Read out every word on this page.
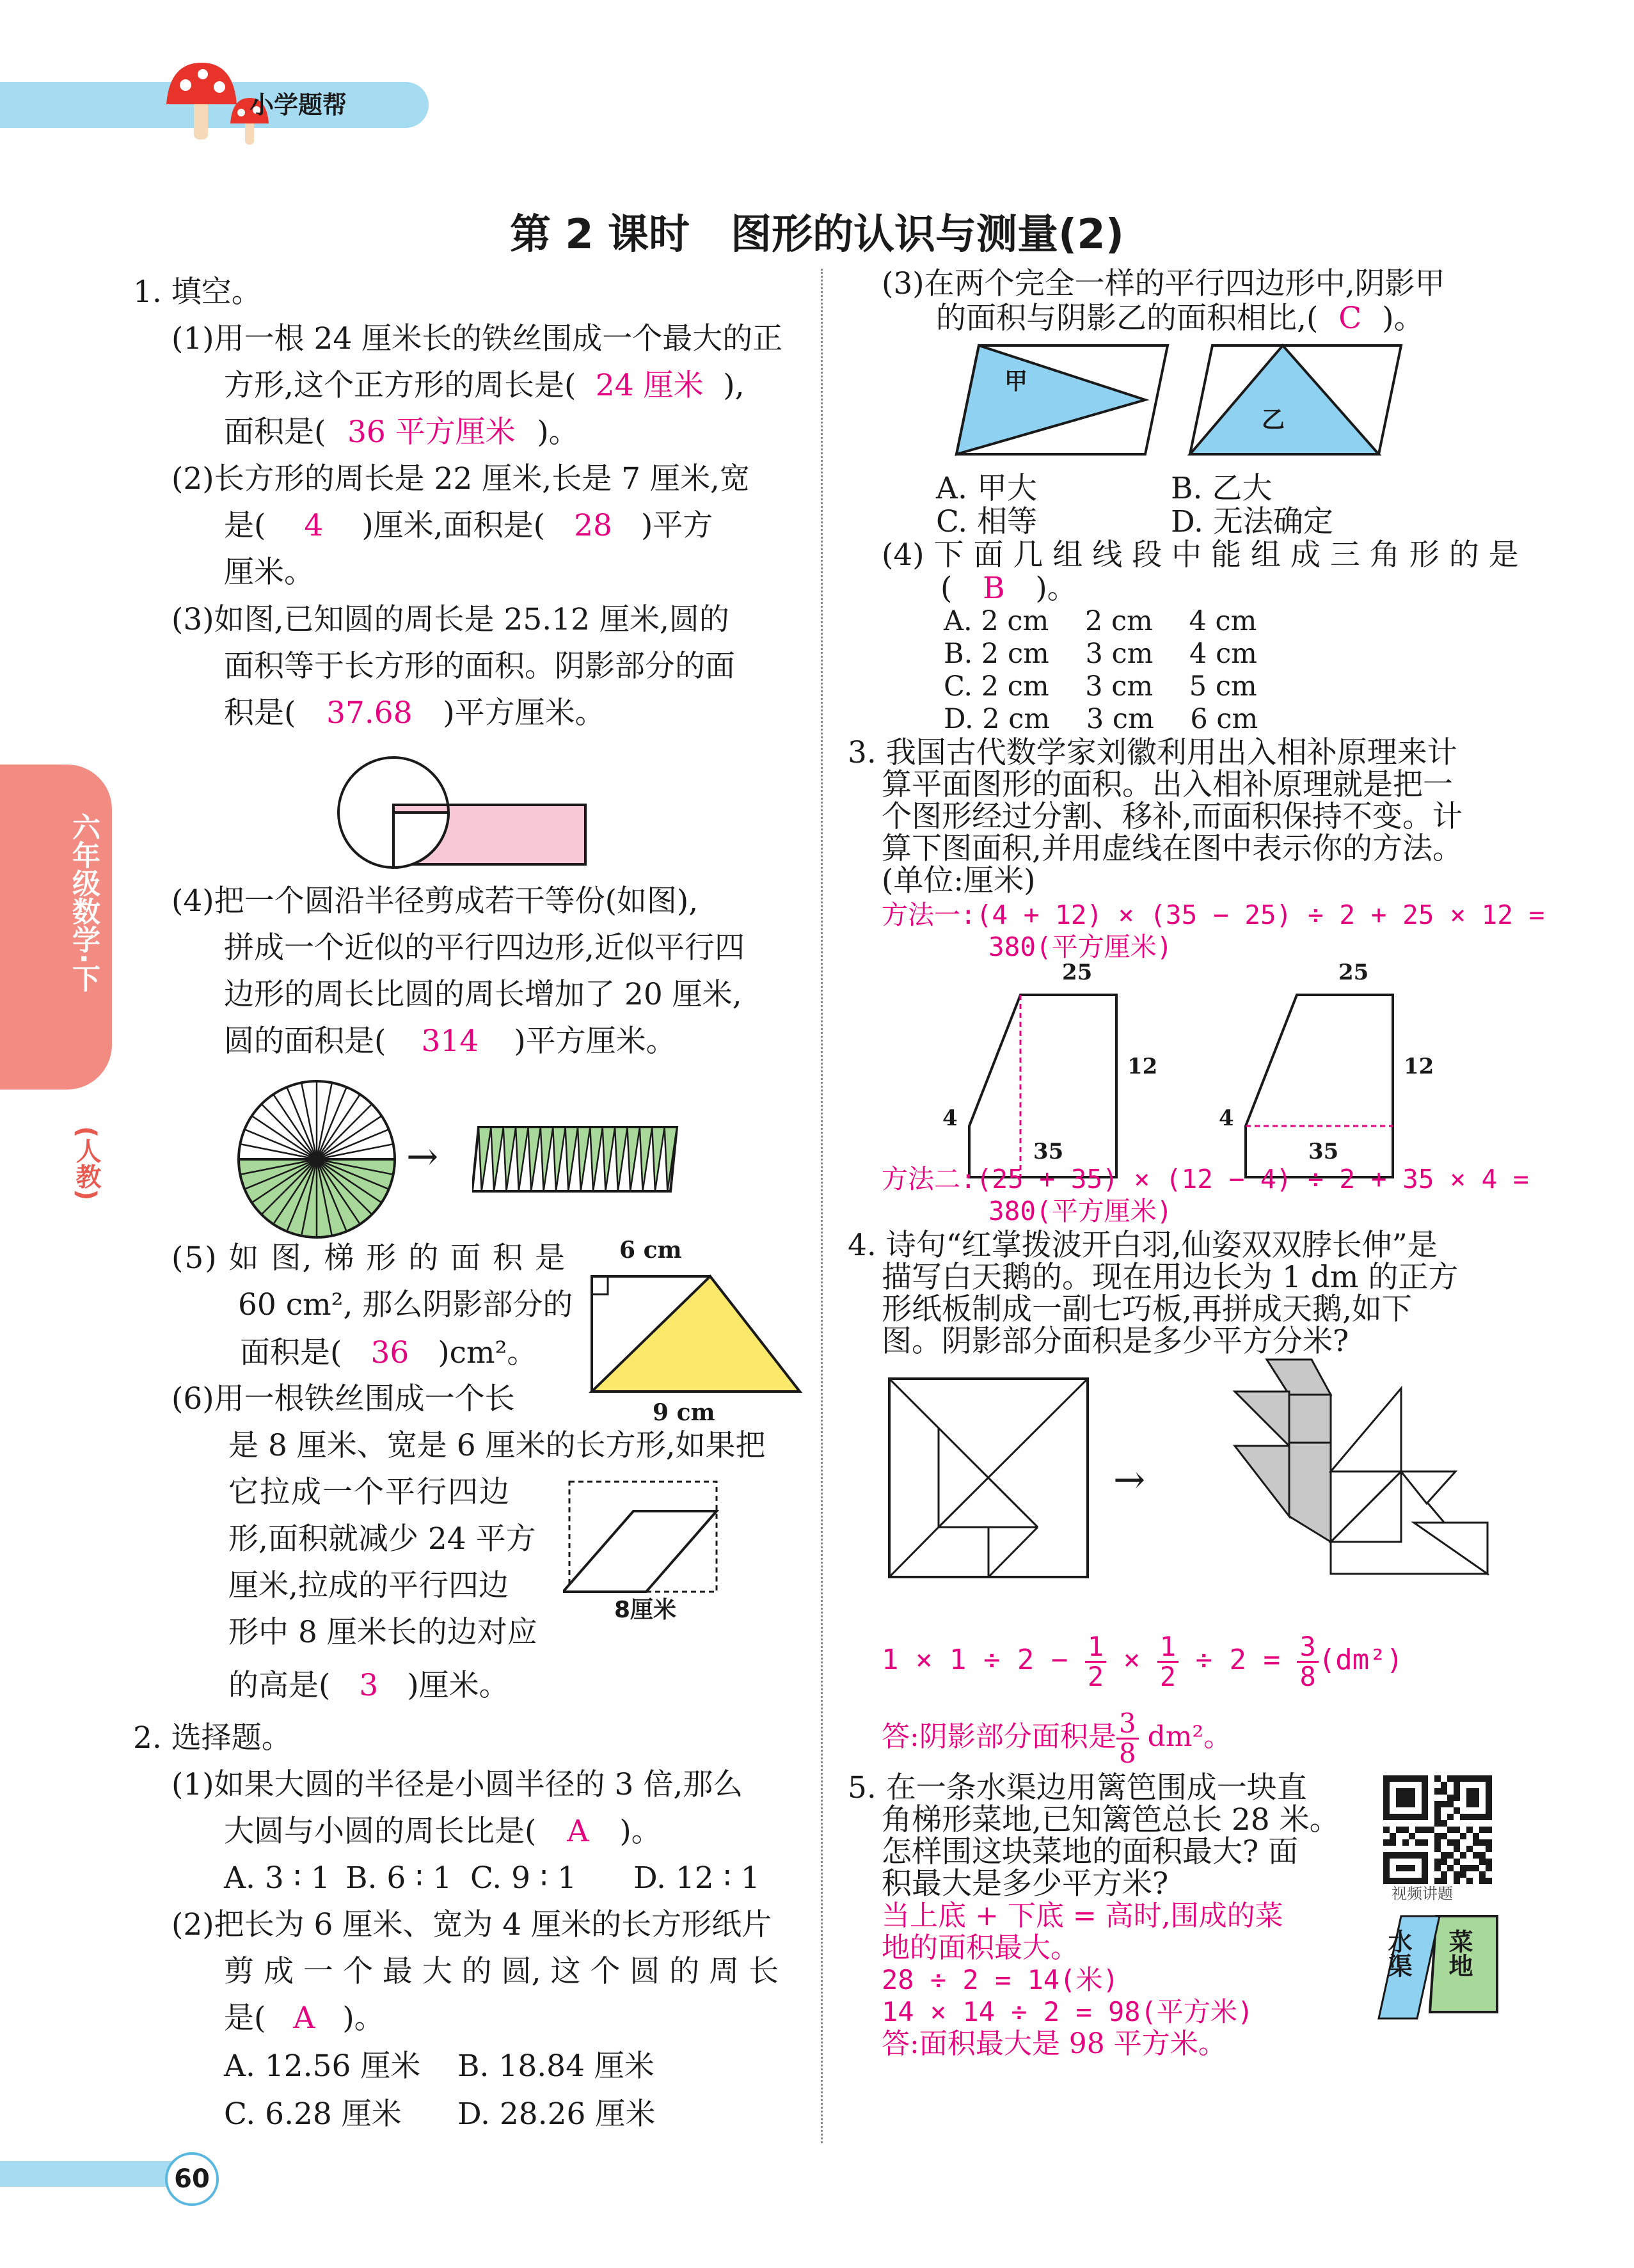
小学题帮
第 2 课时　图形的认识与测量(2)
六年级数学·下
(人教)
60
1. 填空。
(1)用一根 24 厘米长的铁丝围成一个最大的正
方形,这个正方形的周长是( 24 厘米 ),
面积是( 36 平方厘米 )。
(2)长方形的周长是 22 厘米,长是 7 厘米,宽
是( 4 )厘米,面积是( 28 )平方
厘米。
(3)如图,已知圆的周长是 25.12 厘米,圆的
面积等于长方形的面积。阴影部分的面
积是( 37.68 )平方厘米。
(4)把一个圆沿半径剪成若干等份(如图),
拼成一个近似的平行四边形,近似平行四
边形的周长比圆的周长增加了 20 厘米,
圆的面积是( 314 )平方厘米。
→
(5) 如 图, 梯 形 的 面 积 是
60 cm², 那么阴影部分的
面积是( 36 )cm²。
6 cm
9 cm
(6)用一根铁丝围成一个长
是 8 厘米、宽是 6 厘米的长方形,如果把
它拉成一个平行四边
形,面积就减少 24 平方
厘米,拉成的平行四边
形中 8 厘米长的边对应
的高是( 3 )厘米。
8厘米
2. 选择题。
(1)如果大圆的半径是小圆半径的 3 倍,那么
大圆与小圆的周长比是( A )。
A. 3 ∶ 1 B. 6 ∶ 1 C. 9 ∶ 1 D. 12 ∶ 1
(2)把长为 6 厘米、宽为 4 厘米的长方形纸片
剪 成 一 个 最 大 的 圆, 这 个 圆 的 周 长
是( A )。
A. 12.56 厘米 B. 18.84 厘米
C. 6.28 厘米 D. 28.26 厘米
(3)在两个完全一样的平行四边形中,阴影甲
的面积与阴影乙的面积相比,( C )。
甲
乙
A. 甲大	B. 乙大
C. 相等	D. 无法确定
(4) 下 面 几 组 线 段 中 能 组 成 三 角 形 的 是
( B )。
A. 2 cm　 2 cm　 4 cm
B. 2 cm　 3 cm　 4 cm
C. 2 cm　 3 cm　 5 cm
D. 2 cm　 3 cm　 6 cm
3. 我国古代数学家刘徽利用出入相补原理来计
算平面图形的面积。出入相补原理就是把一
个图形经过分割、移补,而面积保持不变。计
算下图面积,并用虚线在图中表示你的方法。
(单位:厘米)
方法一:(4 + 12) × (35 − 25) ÷ 2 + 25 × 12 =
380(平方厘米)
25
12
4
35
25
12
4
35
方法二:(25 + 35) × (12 − 4) ÷ 2 + 35 × 4 =
380(平方厘米)
4. 诗句“红掌拨波开白羽,仙姿双双脖长伸”是
描写白天鹅的。现在用边长为 1 dm 的正方
形纸板制成一副七巧板,再拼成天鹅,如下
图。阴影部分面积是多少平方分米?
→
$1 \times 1 \div 2 - \frac{1}{2} \times \frac{1}{2} \div 2 = \frac{3}{8} (dm^2)$
答:阴影部分面积是 $\frac{3}{8} dm^2$。
5. 在一条水渠边用篱笆围成一块直
角梯形菜地,已知篱笆总长 28 米。
怎样围这块菜地的面积最大? 面
积最大是多少平方米?	视频讲题
水渠 菜地
当上底 + 下底 = 高时,围成的菜
地的面积最大。
28 ÷ 2 = 14(米)
14 × 14 ÷ 2 = 98(平方米)
答:面积最大是 98 平方米。
